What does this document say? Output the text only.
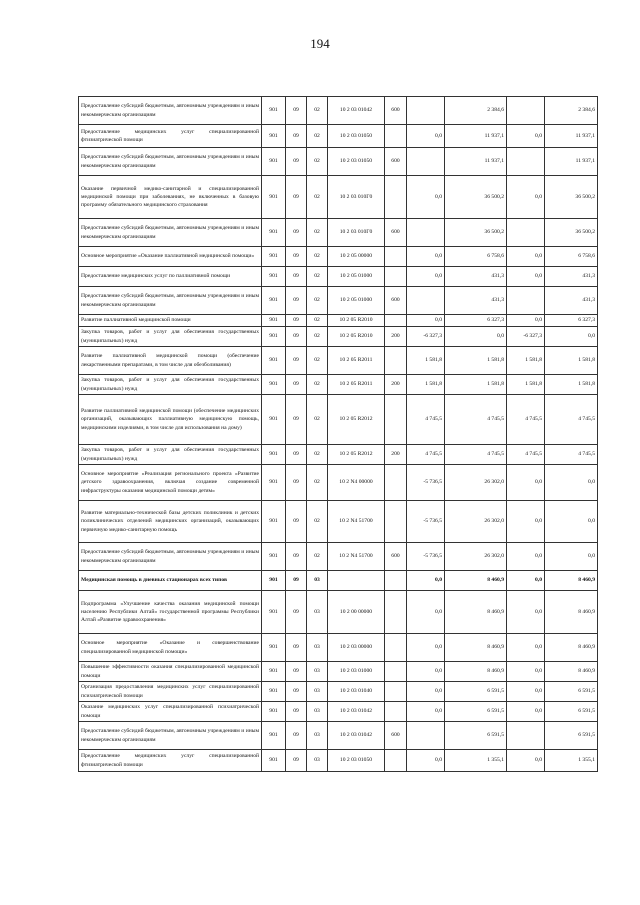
194
Предоставление субсидий бюджетным, автономным учреждениям и иным некоммерческим организациям	901	09	02	10 2 03 01042	600		2 384,6		2 384,6
Предоставление медицинских услуг специализированной фтизиатрической помощи	901	09	02	10 2 03 01050		0,0	11 937,1	0,0	11 937,1
Предоставление субсидий бюджетным, автономным учреждениям и иным некоммерческим организациям	901	09	02	10 2 03 01050	600		11 937,1		11 937,1
Оказание первичной медико-санитарной и специализированной медицинской помощи при заболеваниях, не включенных в базовую программу обязательного медицинского страхования	901	09	02	10 2 03 010Г0		0,0	36 500,2	0,0	36 500,2
Предоставление субсидий бюджетным, автономным учреждениям и иным некоммерческим организациям	901	09	02	10 2 03 010Г0	600		36 500,2		36 500,2
Основное мероприятие «Оказание паллиативной медицинской помощи»	901	09	02	10 2 05 00000		0,0	6 758,6	0,0	6 758,6
Предоставление медицинских услуг по паллиативной помощи	901	09	02	10 2 05 01000		0,0	431,3	0,0	431,3
Предоставление субсидий бюджетным, автономным учреждениям и иным некоммерческим организациям	901	09	02	10 2 05 01000	600		431,3		431,3
Развитие паллиативной медицинской помощи	901	09	02	10 2 05 R2010		0,0	6 327,3	0,0	6 327,3
Закупка товаров, работ и услуг для обеспечения государственных (муниципальных) нужд	901	09	02	10 2 05 R2010	200	-6 327,3	0,0	-6 327,3	0,0
Развитие паллиативной медицинской помощи (обеспечение лекарственными препаратами, в том числе для обезболивания)	901	09	02	10 2 05 R2011		1 581,8	1 581,8	1 581,8	1 581,8
Закупка товаров, работ и услуг для обеспечения государственных (муниципальных) нужд	901	09	02	10 2 05 R2011	200	1 581,8	1 581,8	1 581,8	1 581,8
Развитие паллиативной медицинской помощи (обеспечение медицинских организаций, оказывающих паллиативную медицинскую помощь, медицинскими изделиями, в том числе для использования на дому)	901	09	02	10 2 05 R2012		4 745,5	4 745,5	4 745,5	4 745,5
Закупка товаров, работ и услуг для обеспечения государственных (муниципальных) нужд	901	09	02	10 2 05 R2012	200	4 745,5	4 745,5	4 745,5	4 745,5
Основное мероприятие «Реализация регионального проекта «Развитие детского здравоохранения, включая создание современной инфраструктуры оказания медицинской помощи детям»	901	09	02	10 2 N4 00000		-5 736,5	26 302,0	0,0	0,0
Развитие материально-технической базы детских поликлиник и детских поликлинических отделений медицинских организаций, оказывающих первичную медико-санитарную помощь	901	09	02	10 2 N4 51700		-5 736,5	26 302,0	0,0	0,0
Предоставление субсидий бюджетным, автономным учреждениям и иным некоммерческим организациям	901	09	02	10 2 N4 51700	600	-5 736,5	26 302,0	0,0	0,0
Медицинская помощь в дневных стационарах всех типов	901	09	03			0,0	8 460,9	0,0	8 460,9
Подпрограмма «Улучшение качества оказания медицинской помощи населению Республики Алтай» государственной программы Республики Алтай «Развитие здравоохранения»	901	09	03	10 2 00 00000		0,0	8 460,9	0,0	8 460,9
Основное мероприятие «Оказание и совершенствование специализированной медицинской помощи»	901	09	03	10 2 03 00000		0,0	8 460,9	0,0	8 460,9
Повышение эффективности оказания специализированной медицинской помощи	901	09	03	10 2 03 01000		0,0	8 460,9	0,0	8 460,9
Организация предоставления медицинских услуг специализированной психиатрической помощи	901	09	03	10 2 03 01040		0,0	6 591,5	0,0	6 591,5
Оказание медицинских услуг специализированной психиатрической помощи	901	09	03	10 2 03 01042		0,0	6 591,5	0,0	6 591,5
Предоставление субсидий бюджетным, автономным учреждениям и иным некоммерческим организациям	901	09	03	10 2 03 01042	600		6 591,5		6 591,5
Предоставление медицинских услуг специализированной фтизиатрической помощи	901	09	03	10 2 03 01050		0,0	1 355,1	0,0	1 355,1
